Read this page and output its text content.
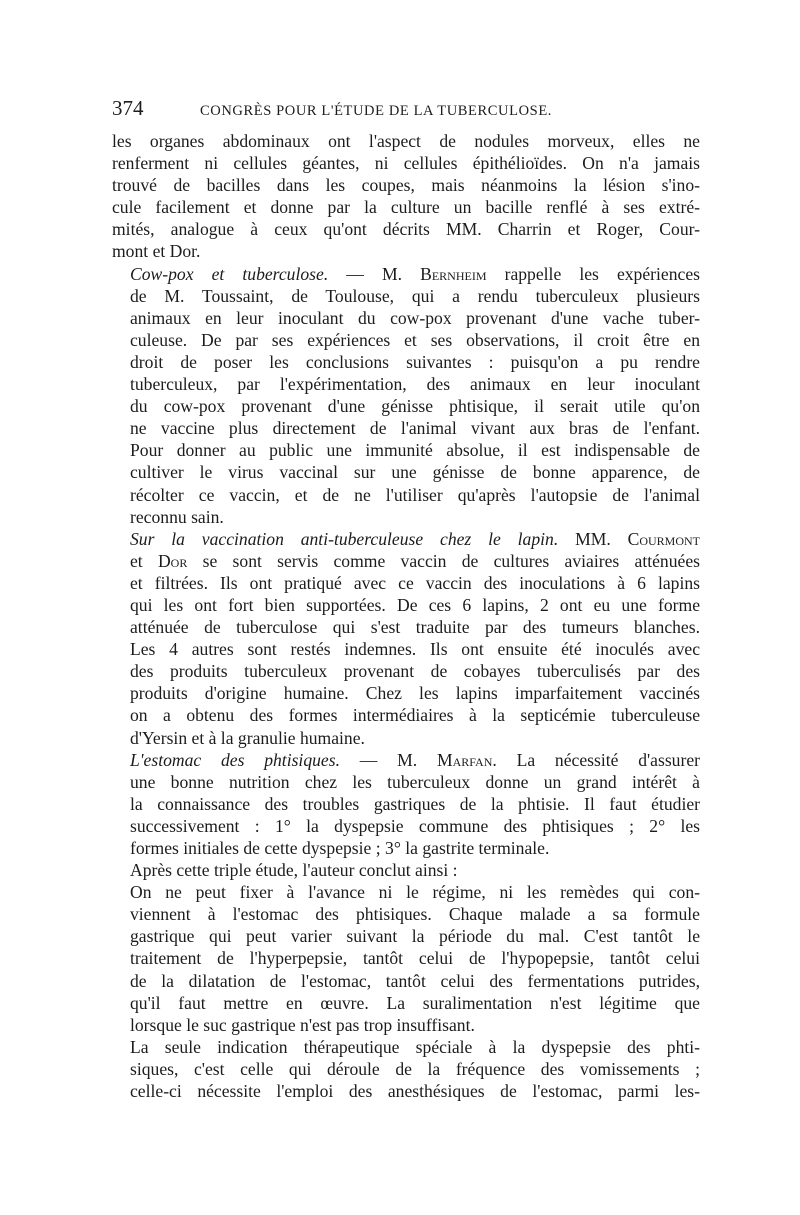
374	CONGRÈS POUR L'ÉTUDE DE LA TUBERCULOSE.

les organes abdominaux ont l'aspect de nodules morveux, elles ne
renferment ni cellules géantes, ni cellules épithélioïdes. On n'a jamais
trouvé de bacilles dans les coupes, mais néanmoins la lésion s'ino-
cule facilement et donne par la culture un bacille renflé à ses extré-
mités, analogue à ceux qu'ont décrits MM. Charrin et Roger, Cour-
mont et Dor.

Cow-pox et tuberculose. — M. Bernheim rappelle les expériences
de M. Toussaint, de Toulouse, qui a rendu tuberculeux plusieurs
animaux en leur inoculant du cow-pox provenant d'une vache tuber-
culeuse. De par ses expériences et ses observations, il croit être en
droit de poser les conclusions suivantes : puisqu'on a pu rendre
tuberculeux, par l'expérimentation, des animaux en leur inoculant
du cow-pox provenant d'une génisse phtisique, il serait utile qu'on
ne vaccine plus directement de l'animal vivant aux bras de l'enfant.
Pour donner au public une immunité absolue, il est indispensable de
cultiver le virus vaccinal sur une génisse de bonne apparence, de
récolter ce vaccin, et de ne l'utiliser qu'après l'autopsie de l'animal
reconnu sain.

Sur la vaccination anti-tuberculeuse chez le lapin. MM. Courmont
et Dor se sont servis comme vaccin de cultures aviaires atténuées
et filtrées. Ils ont pratiqué avec ce vaccin des inoculations à 6 lapins
qui les ont fort bien supportées. De ces 6 lapins, 2 ont eu une forme
atténuée de tuberculose qui s'est traduite par des tumeurs blanches.
Les 4 autres sont restés indemnes. Ils ont ensuite été inoculés avec
des produits tuberculeux provenant de cobayes tuberculisés par des
produits d'origine humaine. Chez les lapins imparfaitement vaccinés
on a obtenu des formes intermédiaires à la septicémie tuberculeuse
d'Yersin et à la granulie humaine.

L'estomac des phtisiques. — M. Marfan. La nécessité d'assurer
une bonne nutrition chez les tuberculeux donne un grand intérêt à
la connaissance des troubles gastriques de la phtisie. Il faut étudier
successivement : 1° la dyspepsie commune des phtisiques ; 2° les
formes initiales de cette dyspepsie ; 3° la gastrite terminale.

Après cette triple étude, l'auteur conclut ainsi :

On ne peut fixer à l'avance ni le régime, ni les remèdes qui con-
viennent à l'estomac des phtisiques. Chaque malade a sa formule
gastrique qui peut varier suivant la période du mal. C'est tantôt le
traitement de l'hyperpepsie, tantôt celui de l'hypopepsie, tantôt celui
de la dilatation de l'estomac, tantôt celui des fermentations putrides,
qu'il faut mettre en œuvre. La suralimentation n'est légitime que
lorsque le suc gastrique n'est pas trop insuffisant.

La seule indication thérapeutique spéciale à la dyspepsie des phti-
siques, c'est celle qui déroule de la fréquence des vomissements ;
celle-ci nécessite l'emploi des anesthésiques de l'estomac, parmi les-
